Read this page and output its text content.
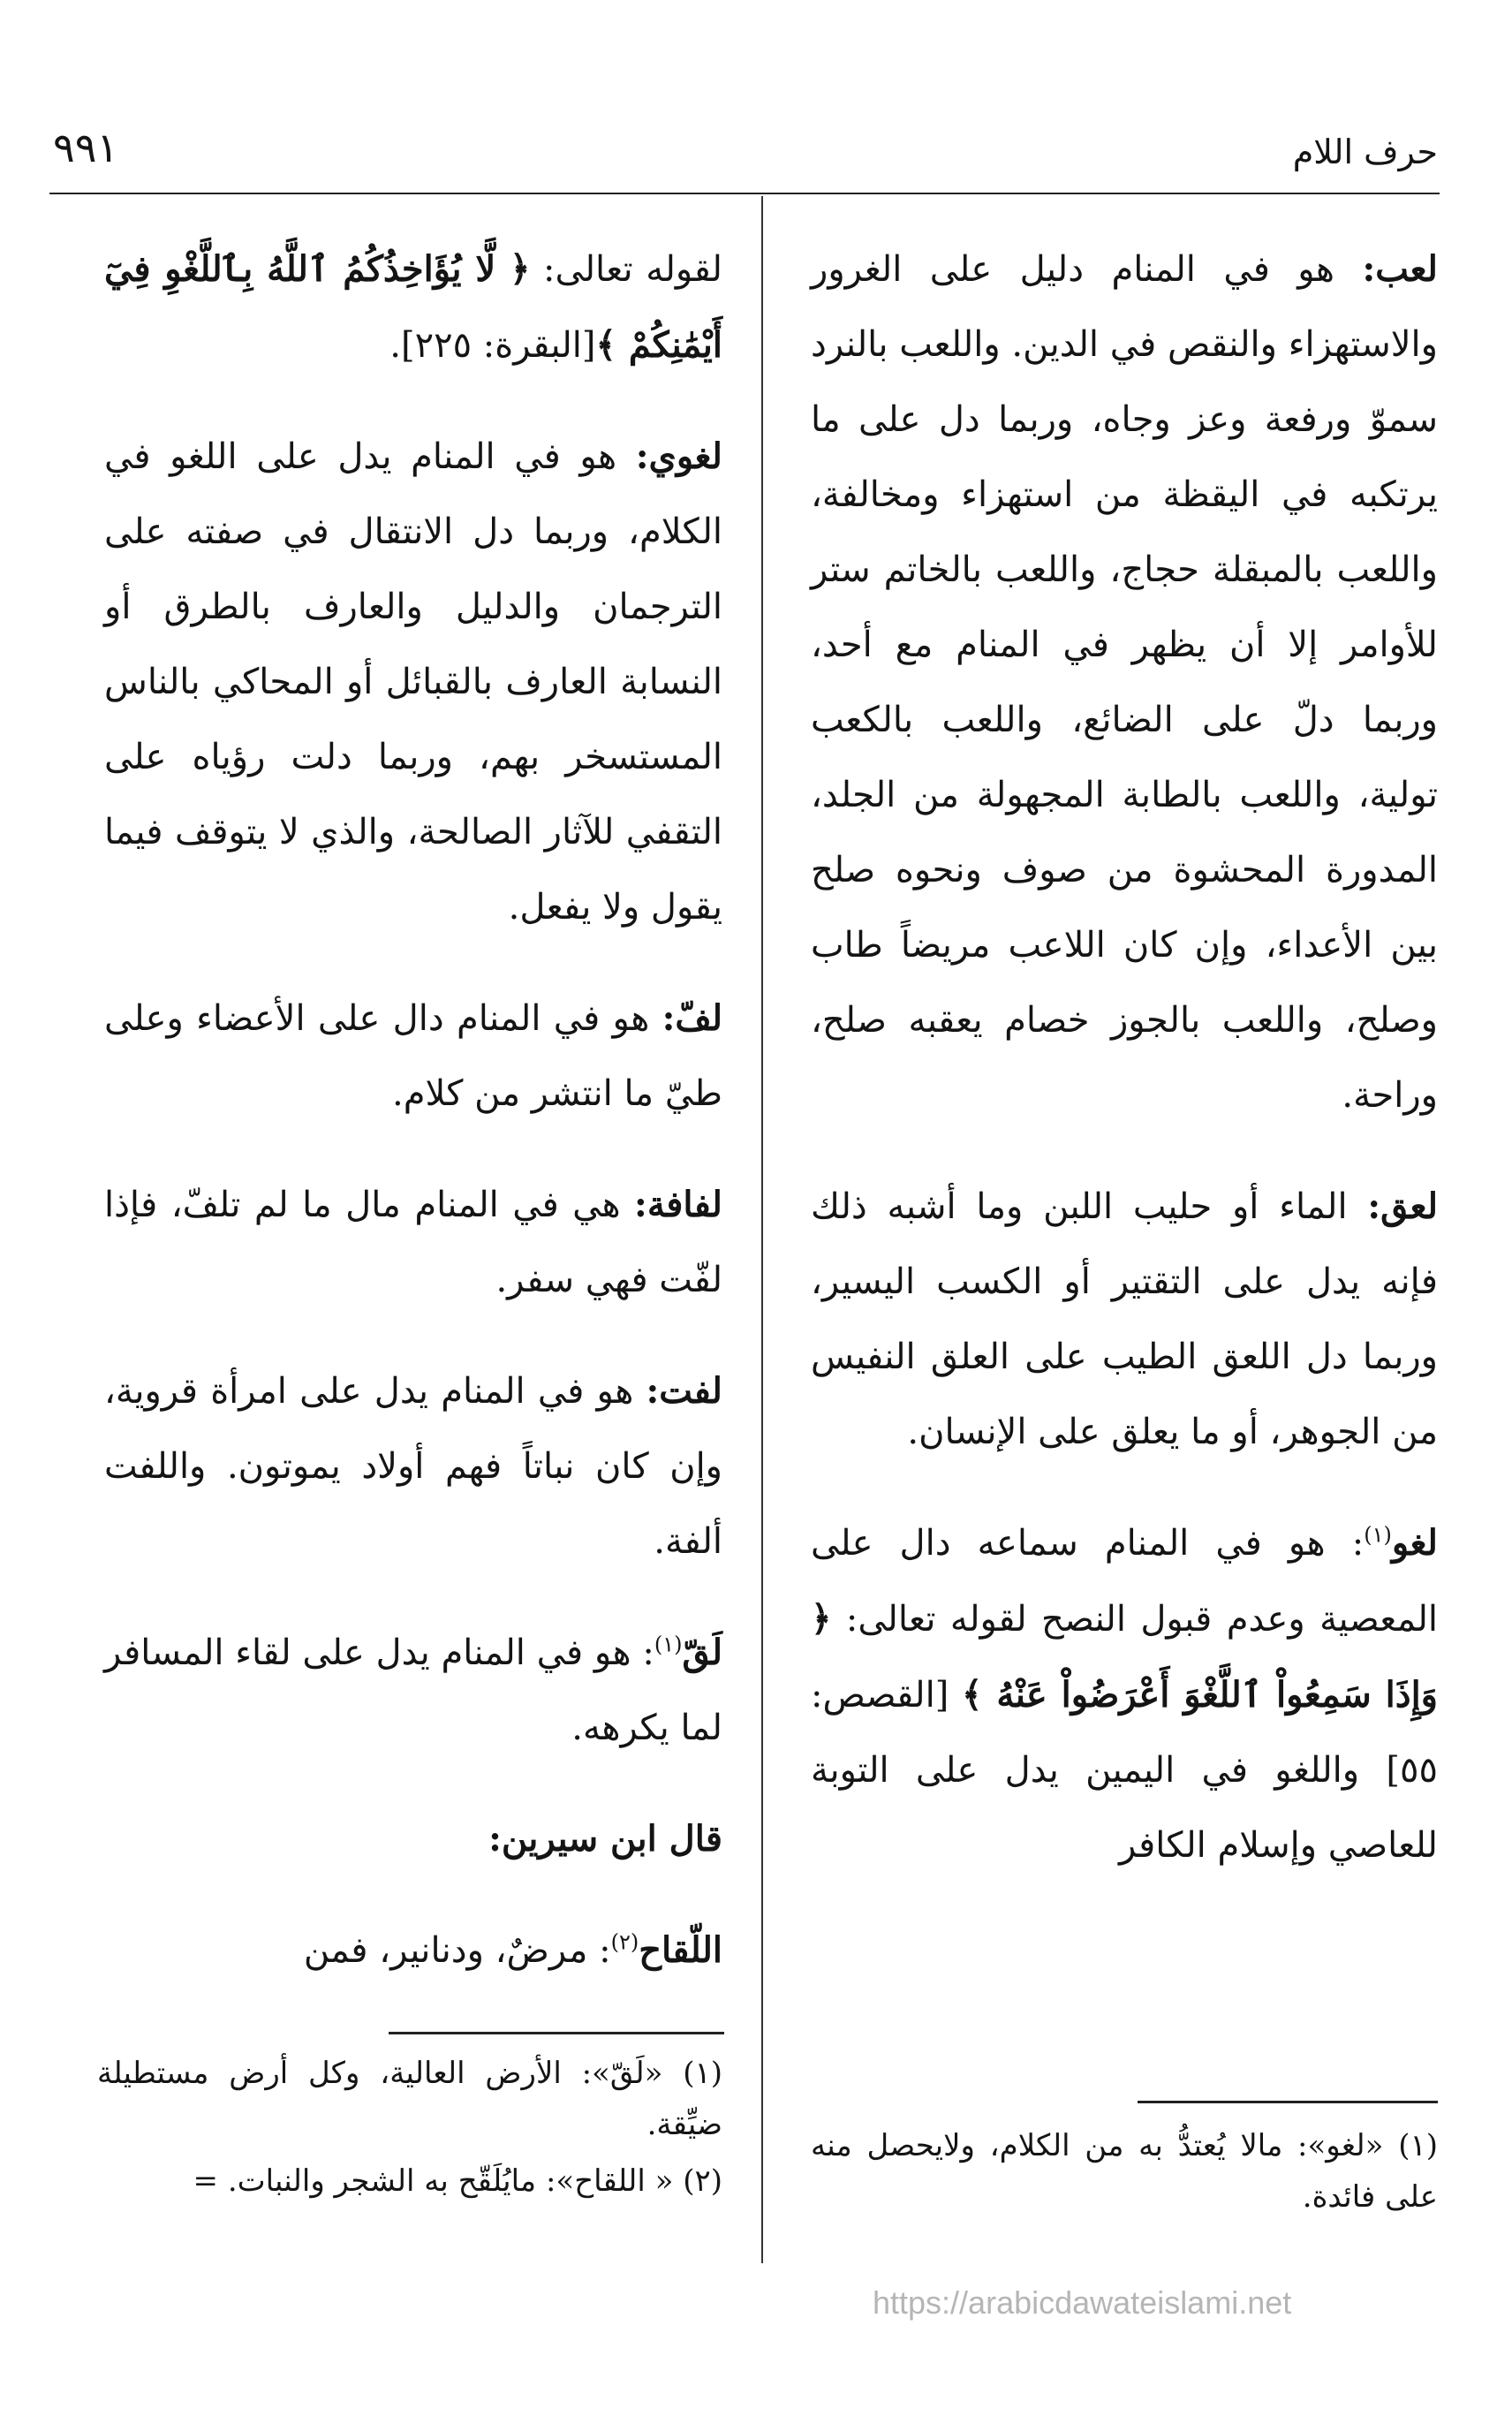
حرف اللام
٩٩١

لعب: هو في المنام دليل على الغرور والاستهزاء والنقص في الدين. واللعب بالنرد سموّ ورفعة وعز وجاه، وربما دل على ما يرتكبه في اليقظة من استهزاء ومخالفة، واللعب بالمبقلة حجاج، واللعب بالخاتم ستر للأوامر إلا أن يظهر في المنام مع أحد، وربما دلّ على الضائع، واللعب بالكعب تولية، واللعب بالطابة المجهولة من الجلد، المدورة المحشوة من صوف ونحوه صلح بين الأعداء، وإن كان اللاعب مريضاً طاب وصلح، واللعب بالجوز خصام يعقبه صلح، وراحة.

لعق: الماء أو حليب اللبن وما أشبه ذلك فإنه يدل على التقتير أو الكسب اليسير، وربما دل اللعق الطيب على العلق النفيس من الجوهر، أو ما يعلق على الإنسان.

لغو$^{(١)}$: هو في المنام سماعه دال على المعصية وعدم قبول النصح لقوله تعالى: ﴿ وَإِذَا سَمِعُواْ ٱللَّغْوَ أَعْرَضُواْ عَنْهُ ﴾ [القصص: ٥٥] واللغو في اليمين يدل على التوبة للعاصي وإسلام الكافر

لقوله تعالى: ﴿ لَّا يُؤَاخِذُكُمُ ٱللَّهُ بِٱللَّغْوِ فِيٓ أَيْمَٰنِكُمْ ﴾[البقرة: ٢٢٥].

لغوي: هو في المنام يدل على اللغو في الكلام، وربما دل الانتقال في صفته على الترجمان والدليل والعارف بالطرق أو النسابة العارف بالقبائل أو المحاكي بالناس المستسخر بهم، وربما دلت رؤياه على التقفي للآثار الصالحة، والذي لا يتوقف فيما يقول ولا يفعل.

لفّ: هو في المنام دال على الأعضاء وعلى طيّ ما انتشر من كلام.

لفافة: هي في المنام مال ما لم تلفّ، فإذا لفّت فهي سفر.

لفت: هو في المنام يدل على امرأة قروية، وإن كان نباتاً فهم أولاد يموتون. واللفت ألفة.

لَقّ$^{(١)}$: هو في المنام يدل على لقاء المسافر لما يكرهه.

قال ابن سيرين:

اللّقاح$^{(٢)}$: مرضٌ، ودنانير، فمن

(١) «لغو»: مالا يُعتدُّ به من الكلام، ولايحصل منه على فائدة.
(١) «لَقّ»: الأرض العالية، وكل أرض مستطيلة ضيِّقة.
(٢) « اللقاح»: مايُلَقّح به الشجر والنبات. =
https://arabicdawateislami.net
